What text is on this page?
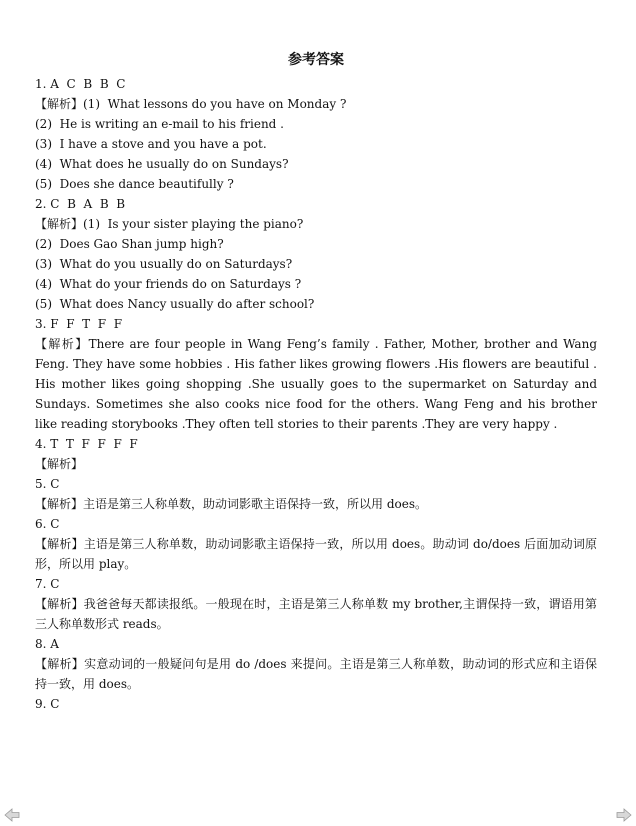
参考答案
1. A  C  B  B  C
【解析】(1)  What lessons do you have on Monday ?
(2)  He is writing an e-mail to his friend .
(3)  I have a stove and you have a pot.
(4)  What does he usually do on Sundays?
(5)  Does she dance beautifully ?
2. C  B  A  B  B
【解析】(1)  Is your sister playing the piano?
(2)  Does Gao Shan jump high?
(3)  What do you usually do on Saturdays?
(4)  What do your friends do on Saturdays ?
(5)  What does Nancy usually do after school?
3. F  F  T  F  F
【解析】There are four people in Wang Feng’s family . Father, Mother, brother and Wang Feng. They have some hobbies . His father likes growing flowers .His flowers are beautiful . His mother likes going shopping .She usually goes to the supermarket on Saturday and Sundays. Sometimes she also cooks nice food for the others. Wang Feng and his brother like reading storybooks .They often tell stories to their parents .They are very happy .
4. T  T  F  F  F  F
【解析】
5. C
【解析】主语是第三人称单数，助动词影歌主语保持一致，所以用 does。
6. C
【解析】主语是第三人称单数，助动词影歌主语保持一致，所以用 does。助动词 do/does 后面加动词原形，所以用 play。
7. C
【解析】我爸爸每天都读报纸。一般现在时，主语是第三人称单数 my brother,主谓保持一致，谓语用第三人称单数形式 reads。
8. A
【解析】实意动词的一般疑问句是用 do /does 来提问。主语是第三人称单数，助动词的形式应和主语保持一致，用 does。
9. C
